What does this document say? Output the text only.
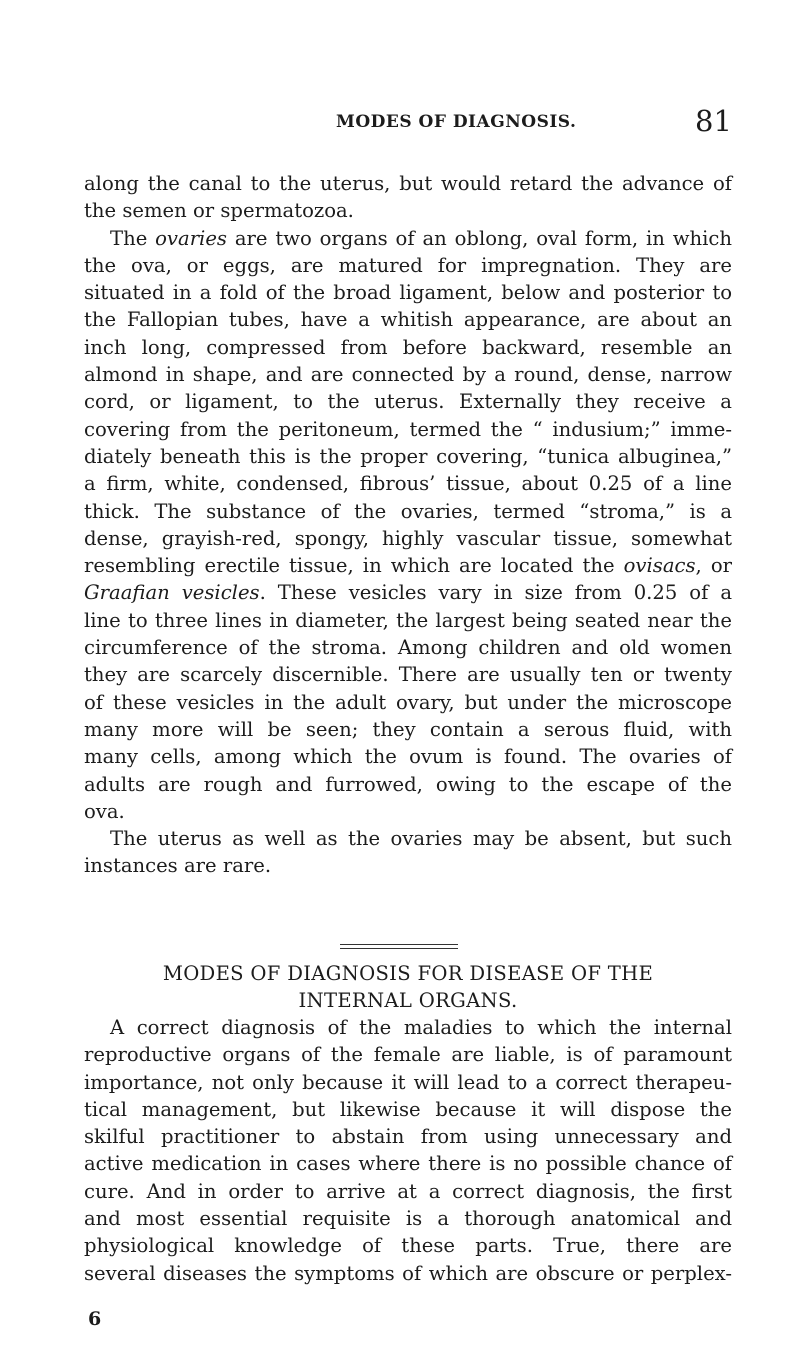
MODES OF DIAGNOSIS.	81
along the canal to the uterus, but would retard the advance of
the semen or spermatozoa.
The ovaries are two organs of an oblong, oval form, in which
the ova, or eggs, are matured for impregnation. They are
situated in a fold of the broad ligament, below and posterior to
the Fallopian tubes, have a whitish appearance, are about an
inch long, compressed from before backward, resemble an
almond in shape, and are connected by a round, dense, narrow
cord, or ligament, to the uterus. Externally they receive a
covering from the peritoneum, termed the “ indusium;” imme-
diately beneath this is the proper covering, “tunica albuginea,”
a firm, white, condensed, fibrous’ tissue, about 0.25 of a line
thick. The substance of the ovaries, termed “stroma,” is a
dense, grayish-red, spongy, highly vascular tissue, somewhat
resembling erectile tissue, in which are located the ovisacs, or
Graafian vesicles. These vesicles vary in size from 0.25 of a
line to three lines in diameter, the largest being seated near the
circumference of the stroma. Among children and old women
they are scarcely discernible. There are usually ten or twenty
of these vesicles in the adult ovary, but under the microscope
many more will be seen; they contain a serous fluid, with
many cells, among which the ovum is found. The ovaries of
adults are rough and furrowed, owing to the escape of the
ova.
The uterus as well as the ovaries may be absent, but such
instances are rare.
MODES OF DIAGNOSIS FOR DISEASE OF THE
INTERNAL ORGANS.
A correct diagnosis of the maladies to which the internal
reproductive organs of the female are liable, is of paramount
importance, not only because it will lead to a correct therapeu-
tical management, but likewise because it will dispose the
skilful practitioner to abstain from using unnecessary and
active medication in cases where there is no possible chance of
cure. And in order to arrive at a correct diagnosis, the first
and most essential requisite is a thorough anatomical and
physiological knowledge of these parts. True, there are
several diseases the symptoms of which are obscure or perplex-
6
